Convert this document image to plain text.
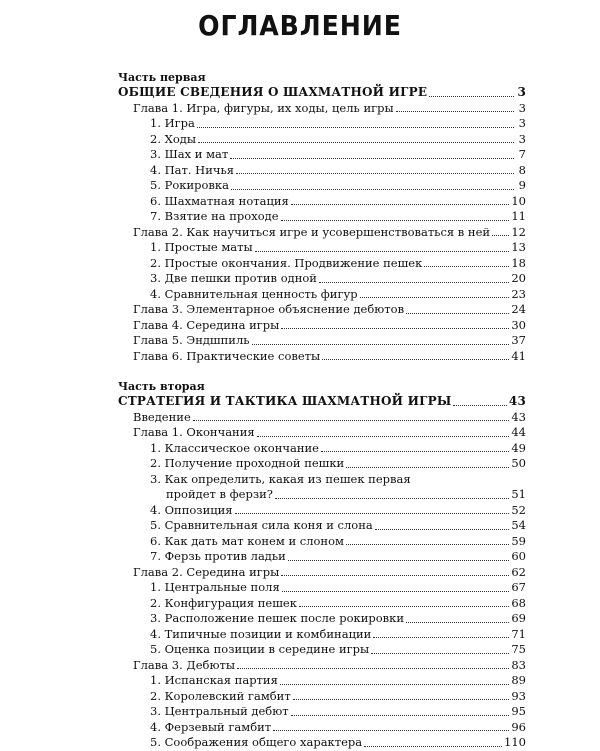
ОГЛАВЛЕНИЕ
Часть первая
ОБЩИЕ СВЕДЕНИЯ О ШАХМАТНОЙ ИГРЕ	3
Глава 1. Игра, фигуры, их ходы, цель игры	3
1. Игра	3
2. Ходы	3
3. Шах и мат	7
4. Пат. Ничья	8
5. Рокировка	9
6. Шахматная нотация	10
7. Взятие на проходе	11
Глава 2. Как научиться игре и усовершенствоваться в ней 12
1. Простые маты	13
2. Простые окончания. Продвижение пешек	18
3. Две пешки против одной	20
4. Сравнительная ценность фигур	23
Глава 3. Элементарное объяснение дебютов	24
Глава 4. Середина игры	30
Глава 5. Эндшпиль	37
Глава 6. Практические советы	41
Часть вторая
СТРАТЕГИЯ И ТАКТИКА ШАХМАТНОЙ ИГРЫ	43
Введение	43
Глава 1. Окончания	44
1. Классическое окончание	49
2. Получение проходной пешки	50
3. Как определить, какая из пешек первая
пройдет в ферзи?	51
4. Оппозиция	52
5. Сравнительная сила коня и слона	54
6. Как дать мат конем и слоном	59
7. Ферзь против ладьи	60
Глава 2. Середина игры	62
1. Центральные поля	67
2. Конфигурация пешек	68
3. Расположение пешек после рокировки	69
4. Типичные позиции и комбинации	71
5. Оценка позиции в середине игры	75
Глава 3. Дебюты	83
1. Испанская партия	89
2. Королевский гамбит	93
3. Центральный дебют	95
4. Ферзевый гамбит	96
5. Соображения общего характера	110
